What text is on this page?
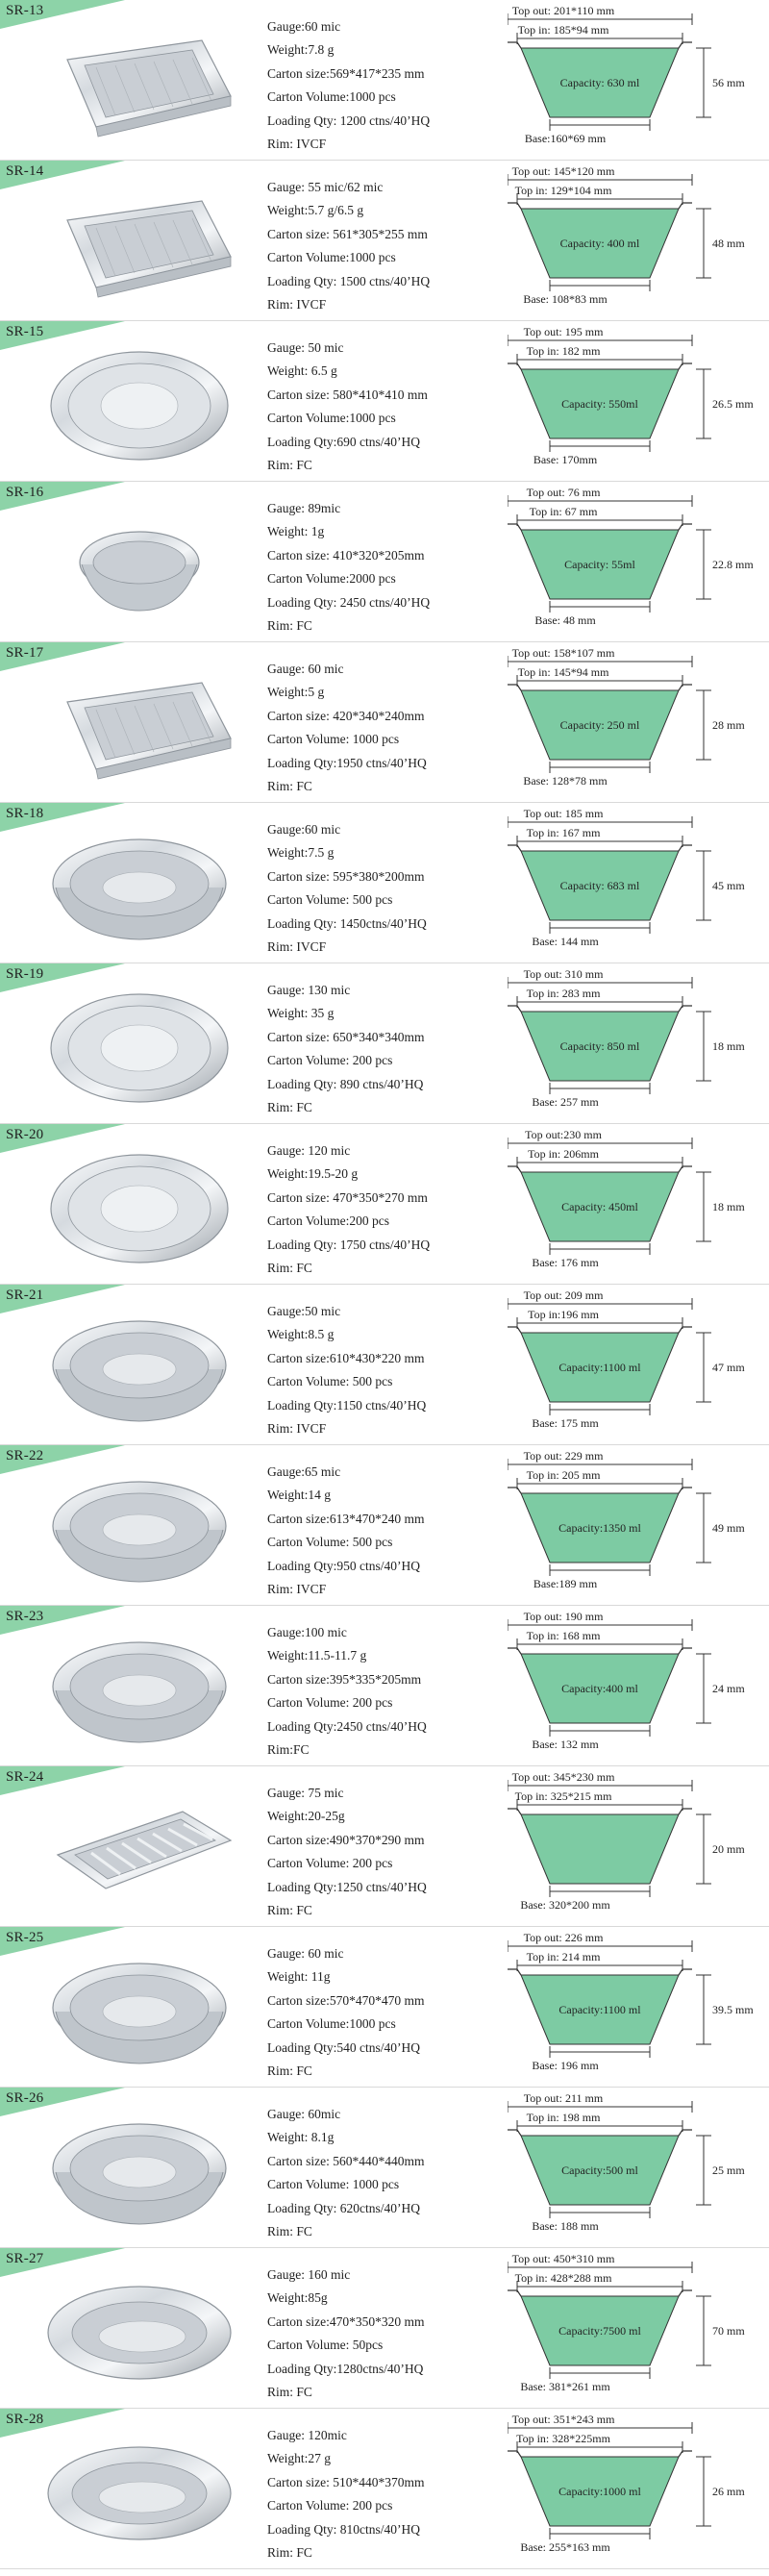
SR-13
Gauge:60 mic
Weight:7.8 g
Carton size:569*417*235 mm
Carton Volume:1000 pcs
Loading Qty: 1200 ctns/40’HQ
Rim: IVCF
Top out: 201*110 mm
Top in: 185*94 mm
Capacity: 630 ml	56 mm
Base:160*69 mm
SR-14
Gauge: 55 mic/62 mic
Weight:5.7 g/6.5 g
Carton size: 561*305*255 mm
Carton Volume:1000 pcs
Loading Qty: 1500 ctns/40’HQ
Rim: IVCF
Top out: 145*120 mm
Top in: 129*104 mm
Capacity: 400 ml	48 mm
Base: 108*83 mm
SR-15
Gauge: 50 mic
Weight: 6.5 g
Carton size: 580*410*410 mm
Carton Volume:1000 pcs
Loading Qty:690 ctns/40’HQ
Rim: FC
Top out: 195 mm
Top in: 182 mm
Capacity: 550ml	26.5 mm
Base: 170mm
SR-16
Gauge: 89mic
Weight: 1g
Carton size: 410*320*205mm
Carton Volume:2000 pcs
Loading Qty: 2450 ctns/40’HQ
Rim: FC
Top out: 76 mm
Top in: 67 mm
Capacity: 55ml	22.8 mm
Base: 48 mm
SR-17
Gauge: 60 mic
Weight:5 g
Carton size: 420*340*240mm
Carton Volume: 1000 pcs
Loading Qty:1950 ctns/40’HQ
Rim: FC
Top out: 158*107 mm
Top in: 145*94 mm
Capacity: 250 ml	28 mm
Base: 128*78 mm
SR-18
Gauge:60 mic
Weight:7.5 g
Carton size: 595*380*200mm
Carton Volume: 500 pcs
Loading Qty: 1450ctns/40’HQ
Rim: IVCF
Top out: 185 mm
Top in: 167 mm
Capacity: 683 ml	45 mm
Base: 144 mm
SR-19
Gauge: 130 mic
Weight: 35 g
Carton size: 650*340*340mm
Carton Volume: 200 pcs
Loading Qty: 890 ctns/40’HQ
Rim: FC
Top out: 310 mm
Top in: 283 mm
Capacity: 850 ml	18 mm
Base: 257 mm
SR-20
Gauge: 120 mic
Weight:19.5-20 g
Carton size: 470*350*270 mm
Carton Volume:200 pcs
Loading Qty: 1750 ctns/40’HQ
Rim: FC
Top out:230 mm
Top in: 206mm
Capacity: 450ml	18 mm
Base: 176 mm
SR-21
Gauge:50 mic
Weight:8.5 g
Carton size:610*430*220 mm
Carton Volume: 500 pcs
Loading Qty:1150 ctns/40’HQ
Rim: IVCF
Top out: 209 mm
Top in:196 mm
Capacity:1100 ml	47 mm
Base: 175 mm
SR-22
Gauge:65 mic
Weight:14 g
Carton size:613*470*240 mm
Carton Volume: 500 pcs
Loading Qty:950 ctns/40’HQ
Rim: IVCF
Top out: 229 mm
Top in: 205 mm
Capacity:1350 ml	49 mm
Base:189 mm
SR-23
Gauge:100 mic
Weight:11.5-11.7 g
Carton size:395*335*205mm
Carton Volume: 200 pcs
Loading Qty:2450 ctns/40’HQ
Rim:FC
Top out: 190 mm
Top in: 168 mm
Capacity:400 ml	24 mm
Base: 132 mm
SR-24
Gauge: 75 mic
Weight:20-25g
Carton size:490*370*290 mm
Carton Volume: 200 pcs
Loading Qty:1250 ctns/40’HQ
Rim: FC
Top out: 345*230 mm
Top in: 325*215 mm
20 mm
Base: 320*200 mm
SR-25
Gauge: 60 mic
Weight: 11g
Carton size:570*470*470 mm
Carton Volume:1000 pcs
Loading Qty:540 ctns/40’HQ
Rim: FC
Top out: 226 mm
Top in: 214 mm
Capacity:1100 ml	39.5 mm
Base: 196 mm
SR-26
Gauge: 60mic
Weight: 8.1g
Carton size: 560*440*440mm
Carton Volume: 1000 pcs
Loading Qty: 620ctns/40’HQ
Rim: FC
Top out: 211 mm
Top in: 198 mm
Capacity:500 ml	25 mm
Base: 188 mm
SR-27
Gauge: 160 mic
Weight:85g
Carton size:470*350*320 mm
Carton Volume: 50pcs
Loading Qty:1280ctns/40’HQ
Rim: FC
Top out: 450*310 mm
Top in: 428*288 mm
Capacity:7500 ml	70 mm
Base: 381*261 mm
SR-28
Gauge: 120mic
Weight:27 g
Carton size: 510*440*370mm
Carton Volume: 200 pcs
Loading Qty: 810ctns/40’HQ
Rim: FC
Top out: 351*243 mm
Top in: 328*225mm
Capacity:1000 ml	26 mm
Base: 255*163 mm
